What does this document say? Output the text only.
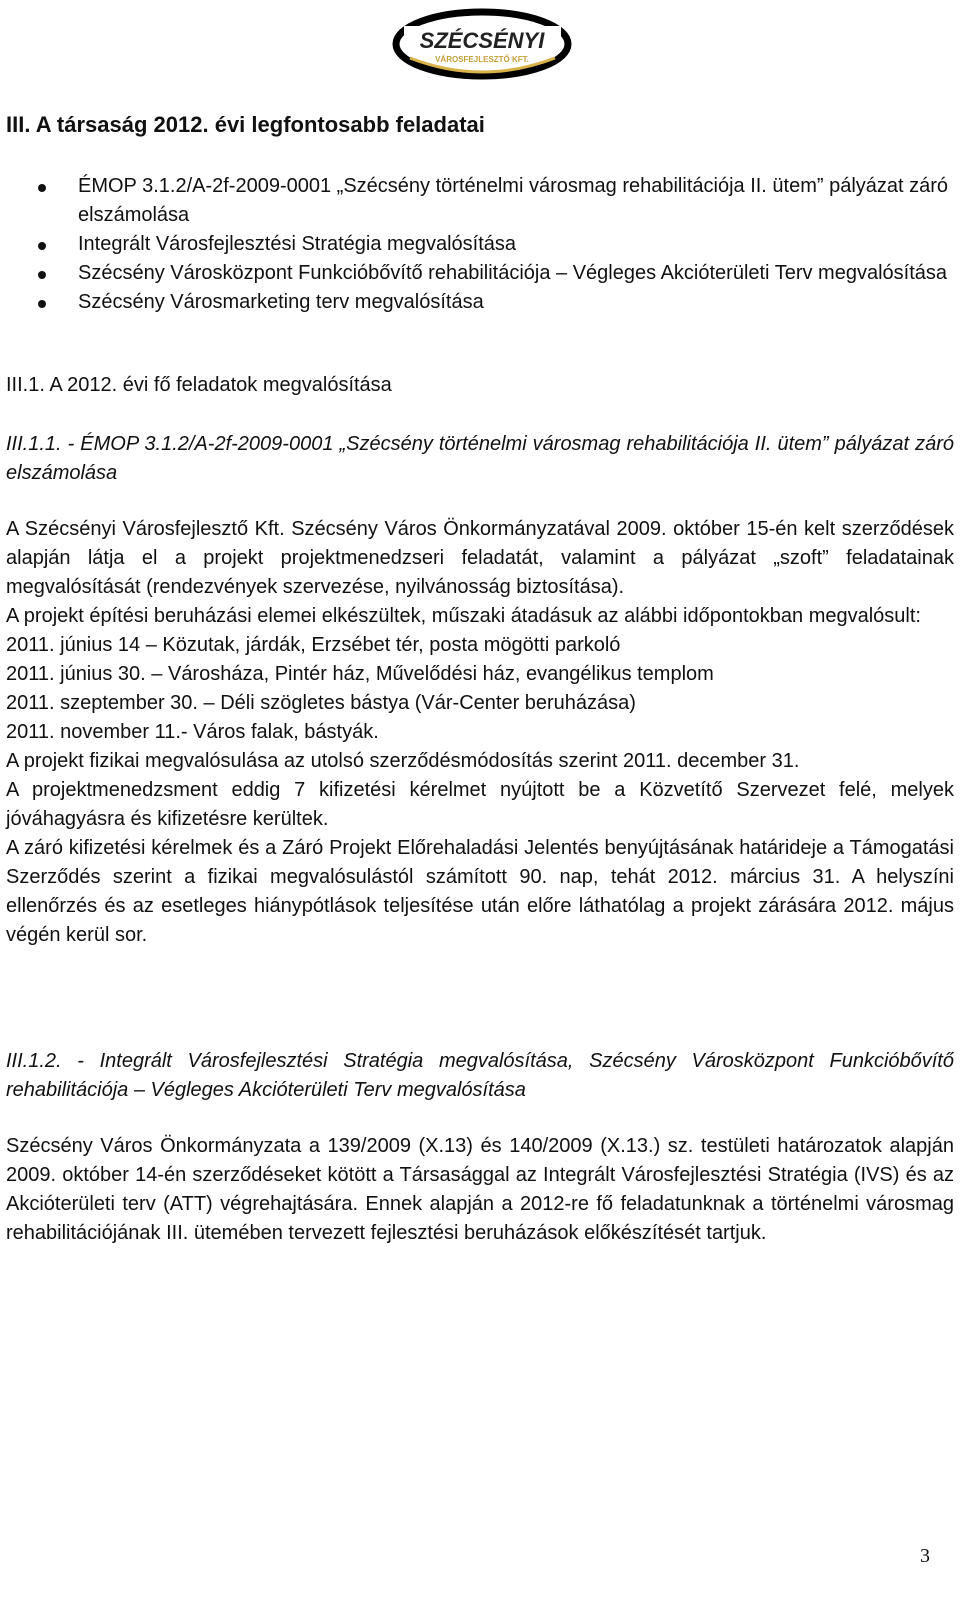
SZÉCSÉNYI
VÁROSFEJLESZTŐ KFT.
III. A társaság 2012. évi legfontosabb feladatai
ÉMOP 3.1.2/A-2f-2009-0001 „Szécsény történelmi városmag rehabilitációja II. ütem” pályázat záró elszámolása
Integrált Városfejlesztési Stratégia megvalósítása
Szécsény Városközpont Funkcióbővítő rehabilitációja – Végleges Akcióterületi Terv megvalósítása
Szécsény Városmarketing terv megvalósítása
III.1. A 2012. évi fő feladatok megvalósítása

III.1.1. - ÉMOP 3.1.2/A-2f-2009-0001 „Szécsény történelmi városmag rehabilitációja II. ütem” pályázat záró elszámolása

A Szécsényi Városfejlesztő Kft. Szécsény Város Önkormányzatával 2009. október 15-én kelt szerződések alapján látja el a projekt projektmenedzseri feladatát, valamint a pályázat „szoft” feladatainak megvalósítását (rendezvények szervezése, nyilvánosság biztosítása).

A projekt építési beruházási elemei elkészültek, műszaki átadásuk az alábbi időpontokban megvalósult:

2011. június 14 – Közutak, járdák, Erzsébet tér, posta mögötti parkoló

2011. június 30. – Városháza, Pintér ház, Művelődési ház, evangélikus templom

2011. szeptember 30. – Déli szögletes bástya (Vár-Center beruházása)

2011. november 11.- Város falak, bástyák.

A projekt fizikai megvalósulása az utolsó szerződésmódosítás szerint 2011. december 31.

A projektmenedzsment eddig 7 kifizetési kérelmet nyújtott be a Közvetítő Szervezet felé, melyek jóváhagyásra és kifizetésre kerültek.

A záró kifizetési kérelmek és a Záró Projekt Előrehaladási Jelentés benyújtásának határideje a Támogatási Szerződés szerint a fizikai megvalósulástól számított 90. nap, tehát 2012. március 31. A helyszíni ellenőrzés és az esetleges hiánypótlások teljesítése után előre láthatólag a projekt zárására 2012. május végén kerül sor.

III.1.2. - Integrált Városfejlesztési Stratégia megvalósítása, Szécsény Városközpont Funkcióbővítő rehabilitációja – Végleges Akcióterületi Terv megvalósítása

Szécsény Város Önkormányzata a 139/2009 (X.13) és 140/2009 (X.13.) sz. testületi határozatok alapján 2009. október 14-én szerződéseket kötött a Társasággal az Integrált Városfejlesztési Stratégia (IVS) és az Akcióterületi terv (ATT) végrehajtására. Ennek alapján a 2012-re fő feladatunknak a történelmi városmag rehabilitációjának III. ütemében tervezett fejlesztési beruházások előkészítését tartjuk.

3
